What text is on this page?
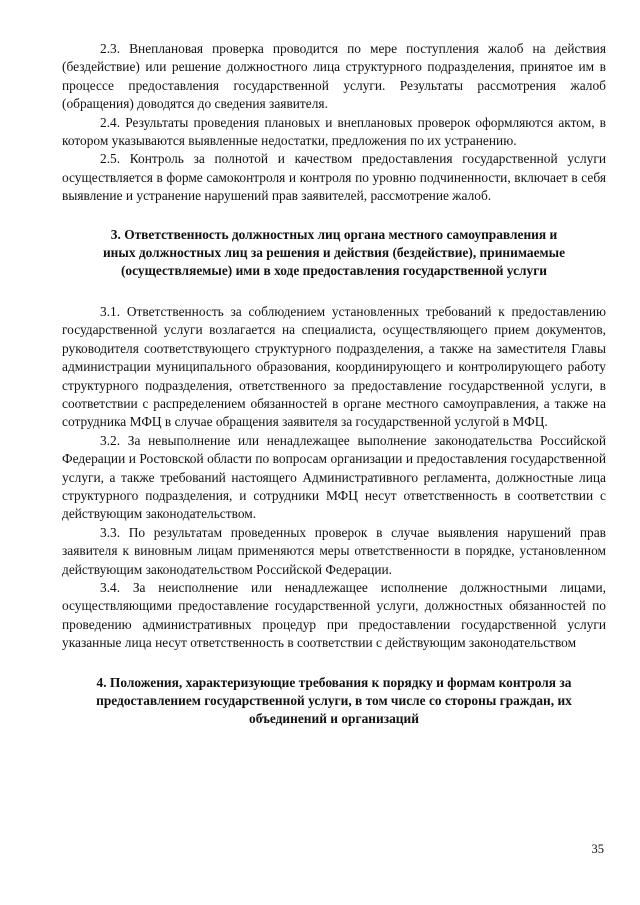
2.3. Внеплановая проверка проводится по мере поступления жалоб на действия (бездействие) или решение должностного лица структурного подразделения, принятое им в процессе предоставления государственной услуги. Результаты рассмотрения жалоб (обращения) доводятся до сведения заявителя.

2.4. Результаты проведения плановых и внеплановых проверок оформляются актом, в котором указываются выявленные недостатки, предложения по их устранению.

2.5. Контроль за полнотой и качеством предоставления государственной услуги осуществляется в форме самоконтроля и контроля по уровню подчиненности, включает в себя выявление и устранение нарушений прав заявителей, рассмотрение жалоб.

3. Ответственность должностных лиц органа местного самоуправления и иных должностных лиц за решения и действия (бездействие), принимаемые (осуществляемые) ими в ходе предоставления государственной услуги

3.1. Ответственность за соблюдением установленных требований к предоставлению государственной услуги возлагается на специалиста, осуществляющего прием документов, руководителя соответствующего структурного подразделения, а также на заместителя Главы администрации муниципального образования, координирующего и контролирующего работу структурного подразделения, ответственного за предоставление государственной услуги, в соответствии с распределением обязанностей в органе местного самоуправления, а также на сотрудника МФЦ в случае обращения заявителя за государственной услугой в МФЦ.

3.2. За невыполнение или ненадлежащее выполнение законодательства Российской Федерации и Ростовской области по вопросам организации и предоставления государственной услуги, а также требований настоящего Административного регламента, должностные лица структурного подразделения, и сотрудники МФЦ несут ответственность в соответствии с действующим законодательством.

3.3. По результатам проведенных проверок в случае выявления нарушений прав заявителя к виновным лицам применяются меры ответственности в порядке, установленном действующим законодательством Российской Федерации.

3.4. За неисполнение или ненадлежащее исполнение должностными лицами, осуществляющими предоставление государственной услуги, должностных обязанностей по проведению административных процедур при предоставлении государственной услуги указанные лица несут ответственность в соответствии с действующим законодательством

4. Положения, характеризующие требования к порядку и формам контроля за предоставлением государственной услуги, в том числе со стороны граждан, их объединений и организаций

35
